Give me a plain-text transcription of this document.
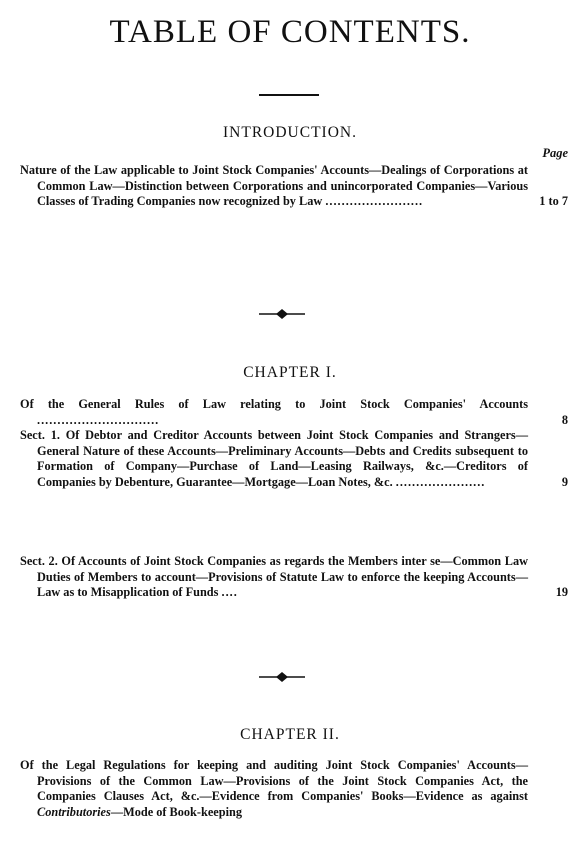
TABLE OF CONTENTS.
INTRODUCTION.
Page
Nature of the Law applicable to Joint Stock Companies' Accounts—Dealings of Corporations at Common Law—Distinction between Corporations and unincorporated Companies—Various Classes of Trading Companies now recognized by Law ........................	1 to 7
CHAPTER I.
Of the General Rules of Law relating to Joint Stock Companies' Accounts ..............................	8
Sect. 1. Of Debtor and Creditor Accounts between Joint Stock Companies and Strangers—General Nature of these Accounts—Preliminary Accounts—Debts and Credits subsequent to Formation of Company—Purchase of Land—Leasing Railways, &c.—Creditors of Companies by Debenture, Guarantee—Mortgage—Loan Notes, &c. ......................	9
Sect. 2. Of Accounts of Joint Stock Companies as regards the Members inter se—Common Law Duties of Members to account—Provisions of Statute Law to enforce the keeping Accounts—Law as to Misapplication of Funds ....	19
CHAPTER II.
Of the Legal Regulations for keeping and auditing Joint Stock Companies' Accounts—Provisions of the Common Law—Provisions of the Joint Stock Companies Act, the Companies Clauses Act, &c.—Evidence from Companies' Books—Evidence as against Contributories—Mode of Book-keeping
